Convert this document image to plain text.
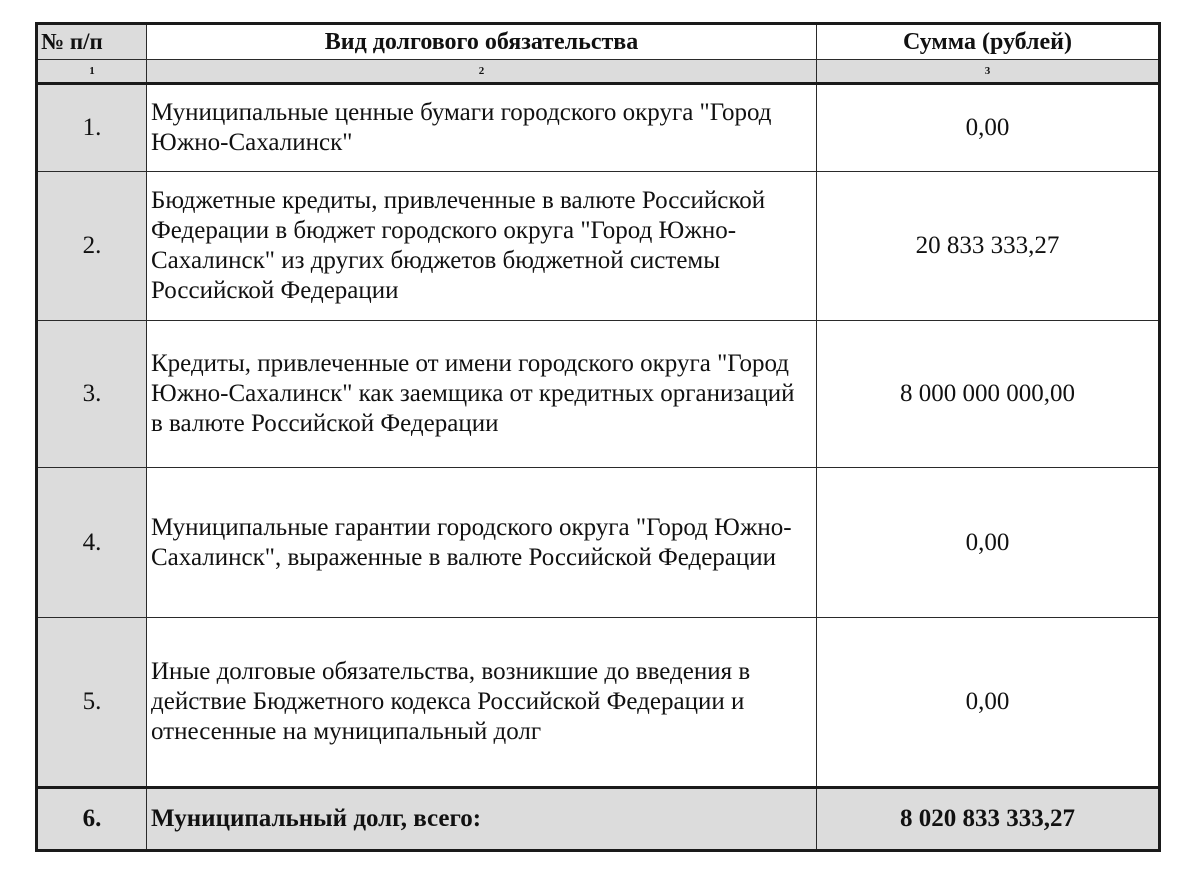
№ п/п	Вид долгового обязательства	Сумма (рублей)
1	2	3
1.	Муниципальные ценные бумаги городского округа "Город Южно-Сахалинск"	0,00
2.	Бюджетные кредиты, привлеченные в валюте Российской Федерации в бюджет городского округа "Город Южно-Сахалинск" из других бюджетов бюджетной системы Российской Федерации	20 833 333,27
3.	Кредиты, привлеченные от имени городского округа "Город Южно-Сахалинск" как заемщика от кредитных организаций в валюте Российской Федерации	8 000 000 000,00
4.	Муниципальные гарантии городского округа "Город Южно-Сахалинск", выраженные в валюте Российской Федерации	0,00
5.	Иные долговые обязательства, возникшие до введения в действие Бюджетного кодекса Российской Федерации и отнесенные на муниципальный долг	0,00
6.	Муниципальный долг, всего:	8 020 833 333,27
